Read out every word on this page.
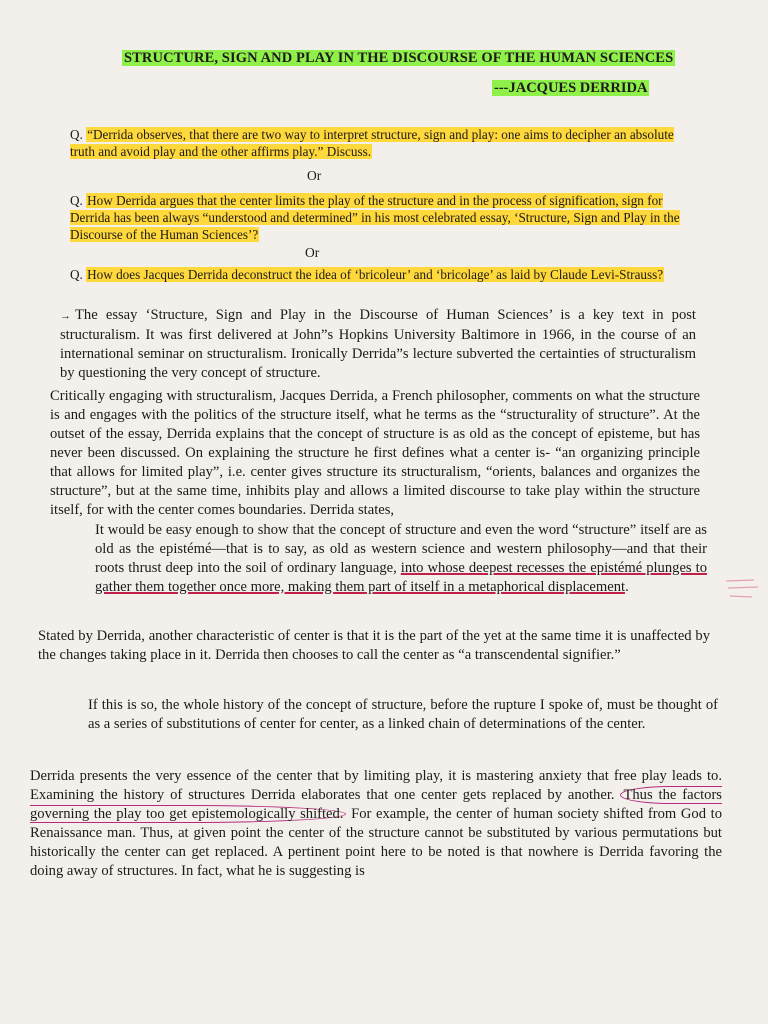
STRUCTURE, SIGN AND PLAY IN THE DISCOURSE OF THE HUMAN SCIENCES
---JACQUES DERRIDA
Q. “Derrida observes, that there are two way to interpret structure, sign and play: one aims to decipher an absolute truth and avoid play and the other affirms play.” Discuss.
Or
Q. How Derrida argues that the center limits the play of the structure and in the process of signification, sign for Derrida has been always “understood and determined” in his most celebrated essay, ‘Structure, Sign and Play in the Discourse of the Human Sciences’?
Or
Q. How does Jacques Derrida deconstruct the idea of ‘bricoleur’ and ‘bricolage’ as laid by Claude Levi-Strauss?

→ The essay ‘Structure, Sign and Play in the Discourse of Human Sciences’ is a key text in post structuralism. It was first delivered at John”s Hopkins University Baltimore in 1966, in the course of an international seminar on structuralism. Ironically Derrida”s lecture subverted the certainties of structuralism by questioning the very concept of structure.

Critically engaging with structuralism, Jacques Derrida, a French philosopher, comments on what the structure is and engages with the politics of the structure itself, what he terms as the “structurality of structure”. At the outset of the essay, Derrida explains that the concept of structure is as old as the concept of episteme, but has never been discussed. On explaining the structure he first defines what a center is- “an organizing principle that allows for limited play”, i.e. center gives structure its structuralism, “orients, balances and organizes the structure”, but at the same time, inhibits play and allows a limited discourse to take play within the structure itself, for with the center comes boundaries. Derrida states,

It would be easy enough to show that the concept of structure and even the word “structure” itself are as old as the epistémé—that is to say, as old as western science and western philosophy—and that their roots thrust deep into the soil of ordinary language, into whose deepest recesses the epistémé plunges to gather them together once more, making them part of itself in a metaphorical displacement.

Stated by Derrida, another characteristic of center is that it is the part of the yet at the same time it is unaffected by the changes taking place in it. Derrida then chooses to call the center as “a transcendental signifier.”

If this is so, the whole history of the concept of structure, before the rupture I spoke of, must be thought of as a series of substitutions of center for center, as a linked chain of determinations of the center.

Derrida presents the very essence of the center that by limiting play, it is mastering anxiety that free play leads to. Examining the history of structures Derrida elaborates that one center gets replaced by another. Thus the factors governing the play too get epistemologically shifted. For example, the center of human society shifted from God to Renaissance man. Thus, at given point the center of the structure cannot be substituted by various permutations but historically the center can get replaced. A pertinent point here to be noted is that nowhere is Derrida favoring the doing away of structures. In fact, what he is suggesting is
